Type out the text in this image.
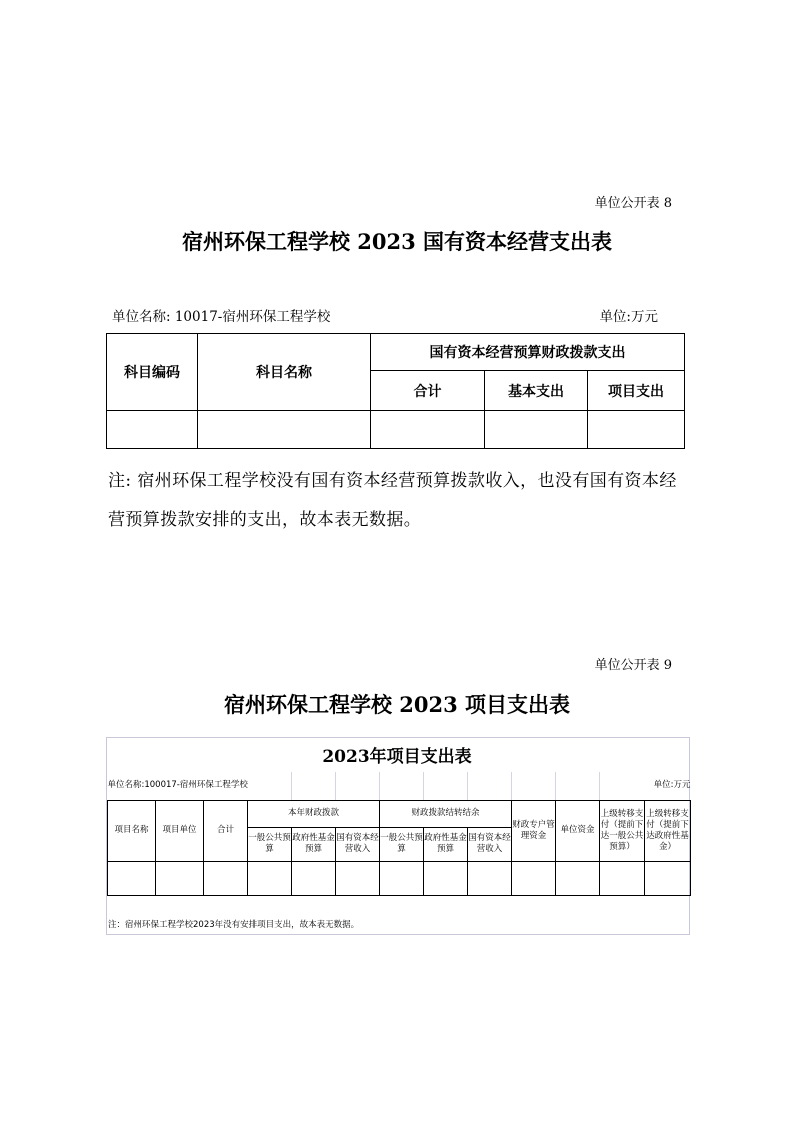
单位公开表 8
宿州环保工程学校 2023 国有资本经营支出表
单位名称: 10017-宿州环保工程学校	单位:万元
科目编码	科目名称	国有资本经营预算财政拨款支出		
		合计	基本支出	项目支出

注: 宿州环保工程学校没有国有资本经营预算拨款收入，也没有国有资本经
营预算拨款安排的支出，故本表无数据。
单位公开表 9
宿州环保工程学校 2023 项目支出表
2023年项目支出表
单位名称:100017-宿州环保工程学校											单位:万元	
项目名称	项目单位	合计	本年财政拨款			财政拨款结转结余			财政专户管理资金	单位资金	上级转移支付（提前下达一般公共预算）	上级转移支付（提前下达政府性基金）
			一般公共预算	政府性基金预算	国有资本经营收入	一般公共预算	政府性基金预算	国有资本经营收入				

注：宿州环保工程学校2023年没有安排项目支出，故本表无数据。
